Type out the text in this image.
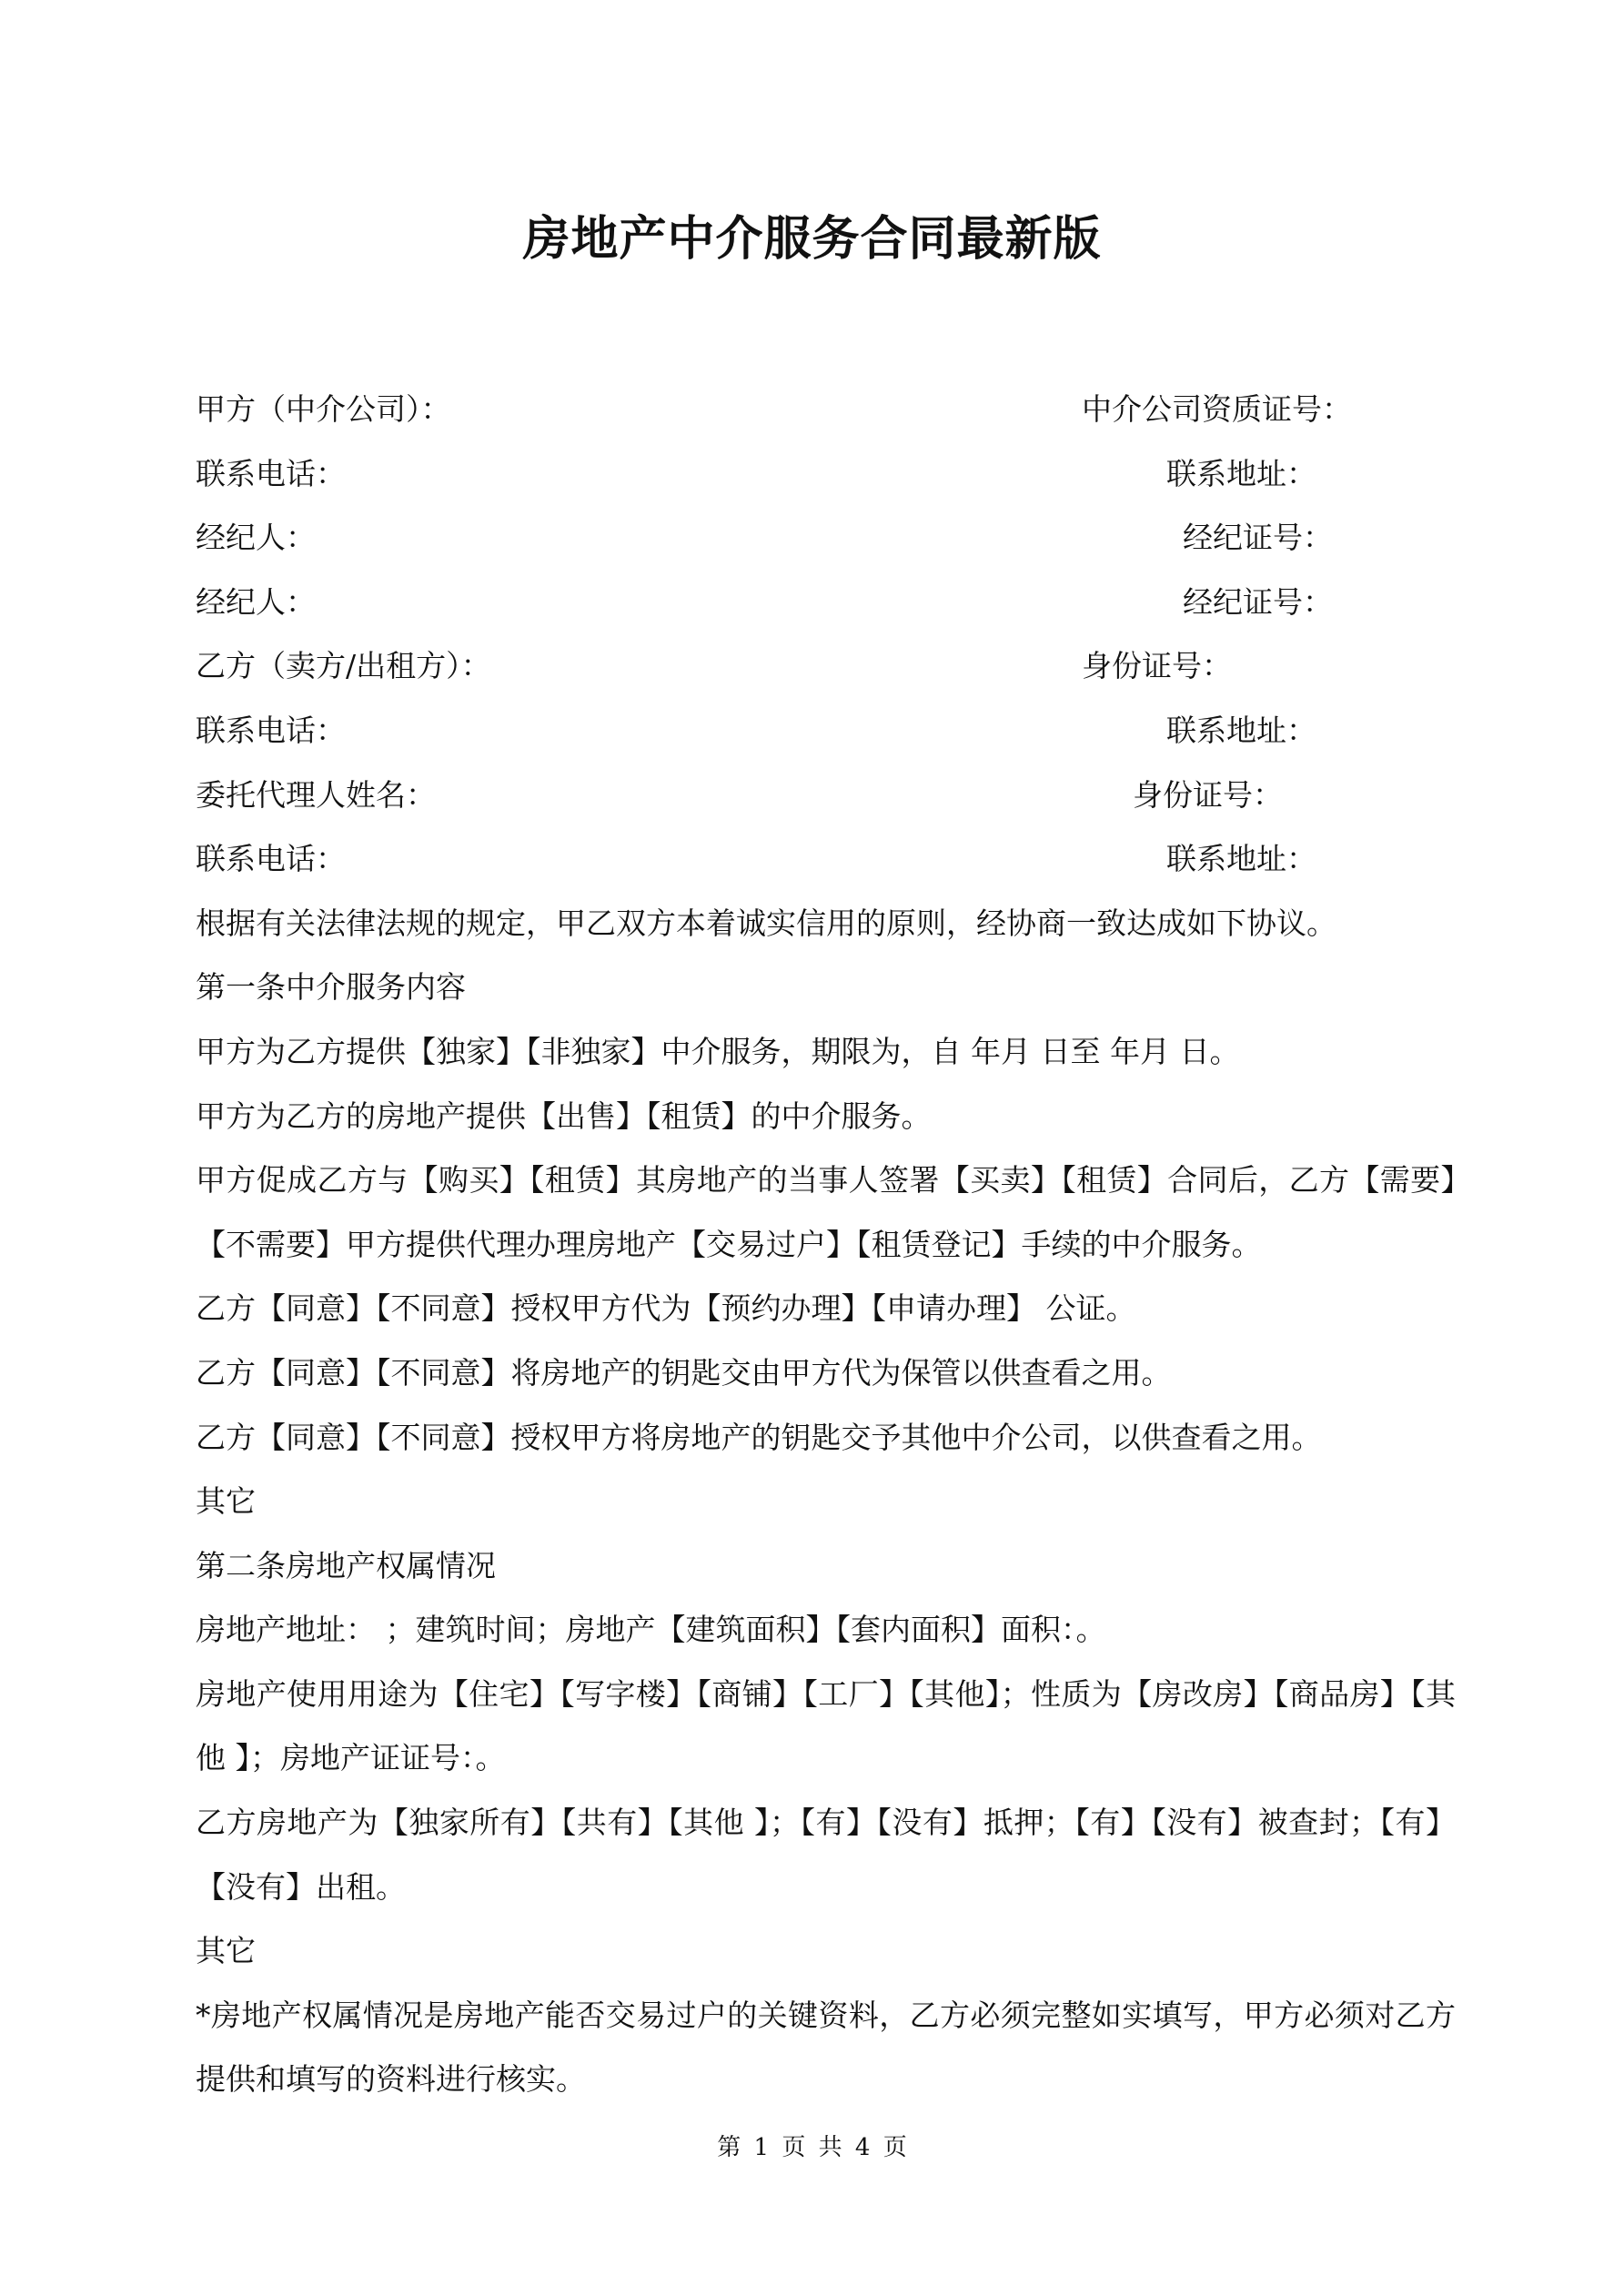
房地产中介服务合同最新版
甲方（中介公司）：	中介公司资质证号：
联系电话：	联系地址：
经纪人：	经纪证号：
经纪人：	经纪证号：
乙方（卖方/出租方）：	身份证号：
联系电话：	联系地址：
委托代理人姓名：	身份证号：
联系电话：	联系地址：

根据有关法律法规的规定，甲乙双方本着诚实信用的原则，经协商一致达成如下协议。

第一条中介服务内容

甲方为乙方提供【独家】【非独家】中介服务，期限为，自 年月 日至 年月 日。

甲方为乙方的房地产提供【出售】【租赁】的中介服务。

甲方促成乙方与【购买】【租赁】其房地产的当事人签署【买卖】【租赁】合同后，乙方【需要】【不需要】甲方提供代理办理房地产【交易过户】【租赁登记】手续的中介服务。

乙方【同意】【不同意】授权甲方代为【预约办理】【申请办理】 公证。

乙方【同意】【不同意】将房地产的钥匙交由甲方代为保管以供查看之用。

乙方【同意】【不同意】授权甲方将房地产的钥匙交予其他中介公司，以供查看之用。

其它

第二条房地产权属情况

房地产地址： ；建筑时间；房地产【建筑面积】【套内面积】面积：。

房地产使用用途为【住宅】【写字楼】【商铺】【工厂】【其他】；性质为【房改房】【商品房】【其他 】；房地产证证号：。

乙方房地产为【独家所有】【共有】【其他 】；【有】【没有】抵押；【有】【没有】被查封；【有】【没有】出租。

其它

*房地产权属情况是房地产能否交易过户的关键资料，乙方必须完整如实填写，甲方必须对乙方提供和填写的资料进行核实。

第 1 页 共 4 页
